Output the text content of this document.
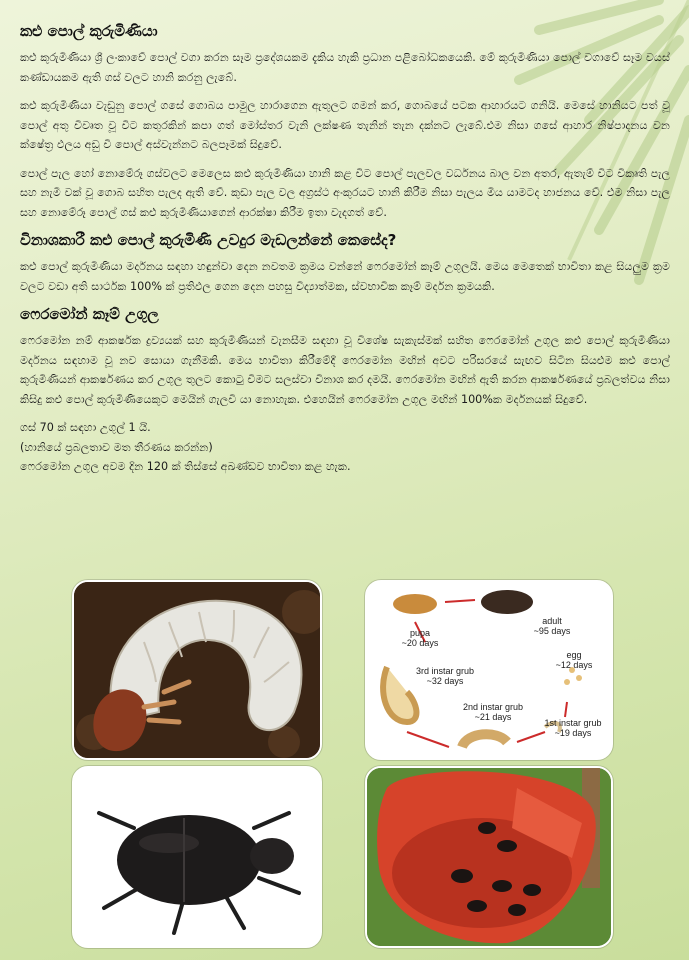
කළු පොල් කුරුමිණියා

කළු කුරුමිණියා ශ්‍රී ලංකාවේ පොල් වගා කරන සෑම ප්‍රදේශයකම දැකිය හැකි ප්‍රධාන පළිබෝධකයෙකි. මේ කුරුමිණියා පොල් වගාවේ සෑම වයස් කණ්ඩායකම ඇති ගස් වලට හානි කරනු ලැබේ.

කළු කුරුමිණියා වැඩුනු පොල් ගසේ ගොබය පාමුල හාරාගෙන ඇතුලට ගමන් කර, ගොබයේ පටක ආහාරයට ගනියි. මෙසේ හානියට පත් වූ පොල් අතු විවෘත වූ විට කතුරකින් කපා ගත් මෝස්තර වැනි ලක්ෂණ තැනින් තැන දක්නට ලැබේ.එම නිසා ගසේ ආහාර නිෂ්පාදනය වන ක්ෂේත්‍ර ඵලය අඩු වී පොල් අස්වැන්නට බලපෑමක් සිදුවේ.

පොල් පැල හෝ නොමේරූ ගස්වලට මෙලෙස කළු කුරුමිණියා හානි කළ විට පොල් පැලවල වර්ධනය බාල වන අතර, ඇතැම් විට විකෘති පැල සහ නැමී වක් වූ ගොබ සහිත පැලද ඇති වේ. කුඩා පැල වල අග්‍රස්ථ අංකුරයට හානි කිරීම නිසා පැලය මිය යාමටද හාජනය වේ. එම නිසා පැල සහ නොමේරූ පොල් ගස් කළු කුරුමිණියාගෙන් ආරක්ෂා කිරීම ඉතා වැදගත් වේ.

විනාශකාරී කළු පොල් කුරුමිණි උවදුර මැඩලන්නේ කෙසේද?

කළු පොල් කුරුමිණියා මර්දනය සඳහා හඳුන්වා දෙන නවතම ක්‍රමය වන්නේ ෆෙරමෝන් කෑම් උගුලයි. මෙය මෙතෙක් භාවිතා කළ සියලුම ක්‍රම වලට වඩා අති සාර්ථක 100% ක් ප්‍රතිඵල ගෙන දෙන පහසු විද්‍යාත්මක, ස්වභාවික කෑම් මර්දන ක්‍රමයකි.

ෆෙරමෝන් කෑම් උගුල

ෆෙරමෝන නම් ආකර්ෂක ද්‍රව්‍යයක් සහ කුරුමිණියන් වැනසීම සඳහා වූ විශේෂ සැකැස්මක් සහිත ෆෙරමෝන් උගුල කළු පොල් කුරුමිණියා මර්දනය සඳහාම වූ නව සොයා ගැනීමකි. මෙය භාවිතා කිරීමේදී ෆෙරමෝන මඟින් අවට පරිසරයේ සැඟව සිටින සියළුම කළු පොල් කුරුමිණියන් ආකර්ෂණය කර උගුල තුලට කොටු වීමට සලස්වා විනාශ කර දමයි. ෆෙරමෝන මඟින් ඇති කරන ආකර්ෂණයේ ප්‍රබලත්වය නිසා කිසිදු කළු පොල් කුරුමිණියෙකුට මෙයින් ගැලවී යා නොහැක. එහෙයින් ෆෙරමෝන උගුල මඟින් 100%ක මර්දනයක් සිදුවේ.

ගස් 70 ක් සඳහා උගුල් 1 යි.

(හානියේ ප්‍රබලතාව මත තීරණය කරන්න)

ෆෙරමෝන උගුල අවම දින 120 ක් තිස්සේ අඛණ්ඩව භාවිතා කළ හැක.

adult
~95 days
pupa
~20 days
egg
~12 days
3rd instar grub
~32 days
2nd instar grub
~21 days
1st instar grub
~19 days
